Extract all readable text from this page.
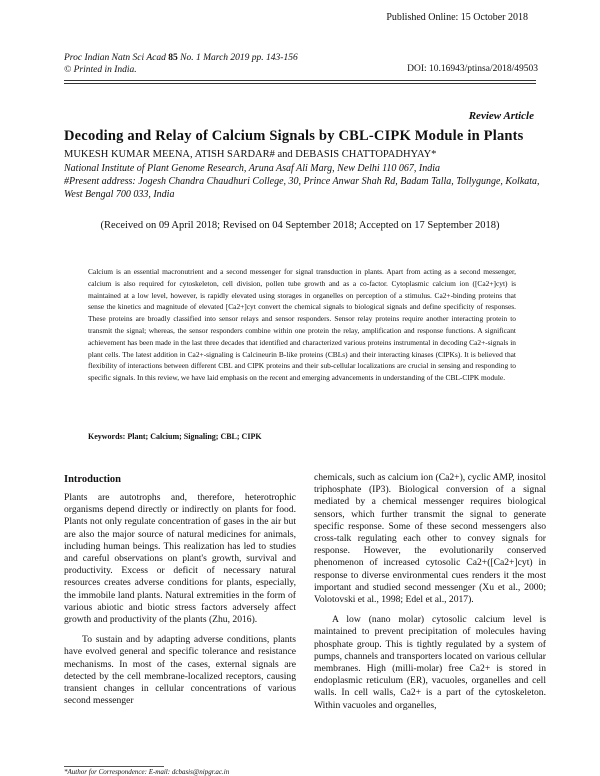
Published Online: 15 October 2018
Proc Indian Natn Sci Acad 85 No. 1 March 2019 pp. 143-156
© Printed in India.	DOI: 10.16943/ptinsa/2018/49503
Review Article
Decoding and Relay of Calcium Signals by CBL-CIPK Module in Plants
MUKESH KUMAR MEENA, ATISH SARDAR# and DEBASIS CHATTOPADHYAY*
National Institute of Plant Genome Research, Aruna Asaf Ali Marg, New Delhi 110 067, India
#Present address: Jogesh Chandra Chaudhuri College, 30, Prince Anwar Shah Rd, Badam Talla, Tollygunge, Kolkata, West Bengal 700 033, India
(Received on 09 April 2018; Revised on 04 September 2018; Accepted on 17 September 2018)
Calcium is an essential macronutrient and a second messenger for signal transduction in plants. Apart from acting as a second messenger, calcium is also required for cytoskeleton, cell division, pollen tube growth and as a co-factor. Cytoplasmic calcium ion ([Ca2+]cyt) is maintained at a low level, however, is rapidly elevated using storages in organelles on perception of a stimulus. Ca2+-binding proteins that sense the kinetics and magnitude of elevated [Ca2+]cyt convert the chemical signals to biological signals and define specificity of responses. These proteins are broadly classified into sensor relays and sensor responders. Sensor relay proteins require another interacting protein to transmit the signal; whereas, the sensor responders combine within one protein the relay, amplification and response functions. A significant achievement has been made in the last three decades that identified and characterized various proteins instrumental in decoding Ca2+-signals in plant cells. The latest addition in Ca2+-signaling is Calcineurin B-like proteins (CBLs) and their interacting kinases (CIPKs). It is believed that flexibility of interactions between different CBL and CIPK proteins and their sub-cellular localizations are crucial in sensing and responding to specific signals. In this review, we have laid emphasis on the recent and emerging advancements in understanding of the CBL-CIPK module.
Keywords: Plant; Calcium; Signaling; CBL; CIPK
Introduction

Plants are autotrophs and, therefore, heterotrophic organisms depend directly or indirectly on plants for food. Plants not only regulate concentration of gases in the air but are also the major source of natural medicines for animals, including human beings. This realization has led to studies and careful observations on plant's growth, survival and productivity. Excess or deficit of necessary natural resources creates adverse conditions for plants, especially, the immobile land plants. Natural extremities in the form of various abiotic and biotic stress factors adversely affect growth and productivity of the plants (Zhu, 2016).

To sustain and by adapting adverse conditions, plants have evolved general and specific tolerance and resistance mechanisms. In most of the cases, external signals are detected by the cell membrane-localized receptors, causing transient changes in cellular concentrations of various second messenger

chemicals, such as calcium ion (Ca2+), cyclic AMP, inositol triphosphate (IP3). Biological conversion of a signal mediated by a chemical messenger requires biological sensors, which further transmit the signal to generate specific response. Some of these second messengers also cross-talk regulating each other to convey signals for response. However, the evolutionarily conserved phenomenon of increased cytosolic Ca2+([Ca2+]cyt) in response to diverse environmental cues renders it the most important and studied second messenger (Xu et al., 2000; Volotovski et al., 1998; Edel et al., 2017).

A low (nano molar) cytosolic calcium level is maintained to prevent precipitation of molecules having phosphate group. This is tightly regulated by a system of pumps, channels and transporters located on various cellular membranes. High (milli-molar) free Ca2+ is stored in endoplasmic reticulum (ER), vacuoles, organelles and cell walls. In cell walls, Ca2+ is a part of the cytoskeleton. Within vacuoles and organelles,

*Author for Correspondence: E-mail: dcbasis@nipgr.ac.in
